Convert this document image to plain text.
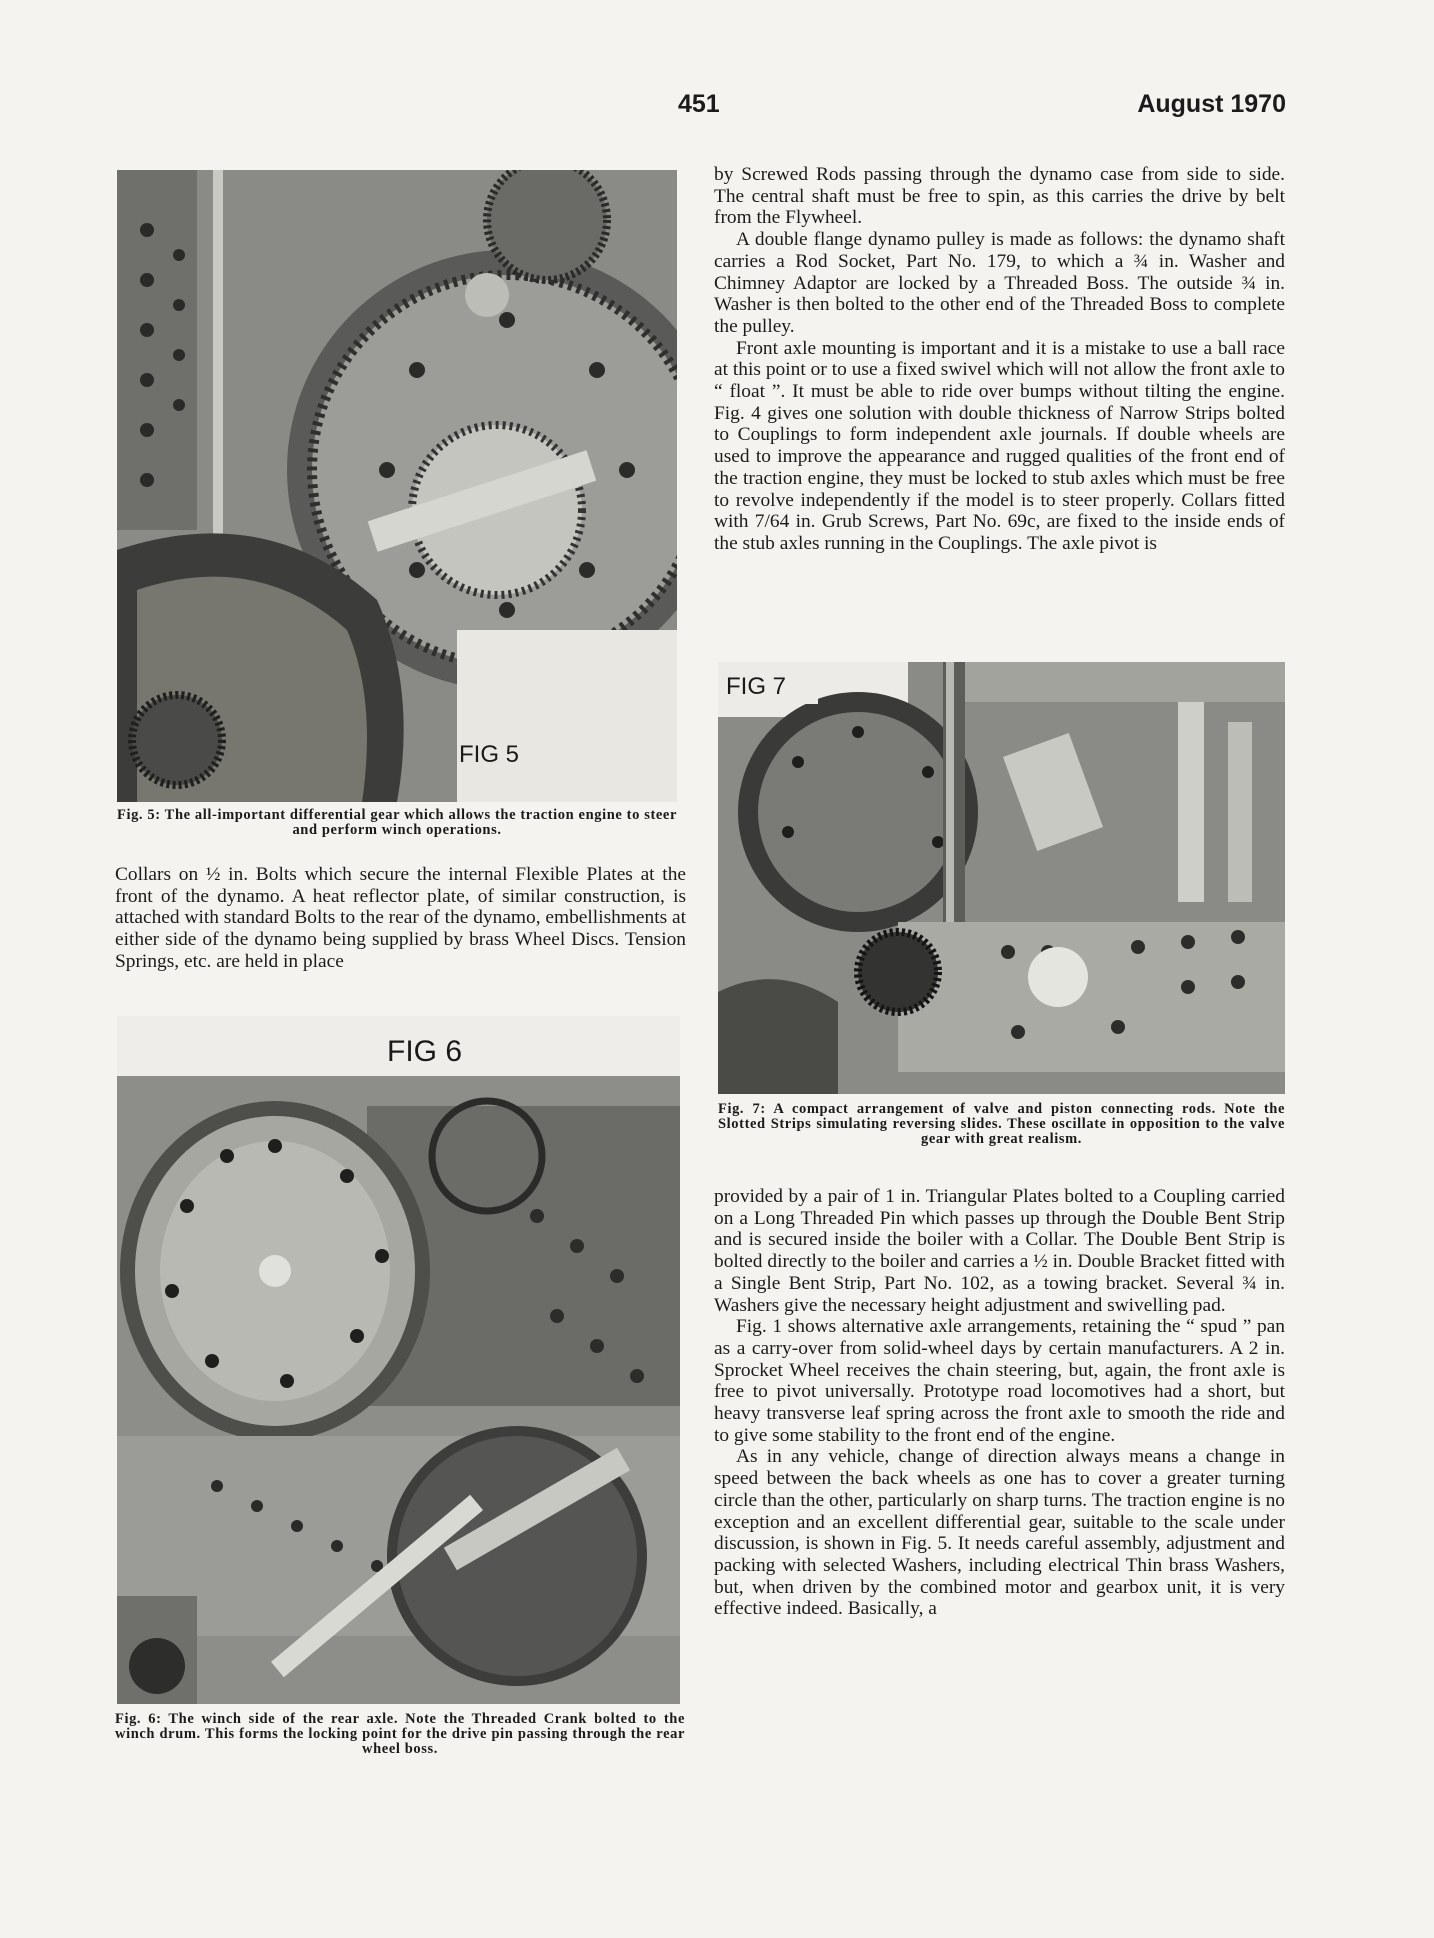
451	August 1970
FIG 5
Fig. 5: The all-important differential gear which allows the traction engine to steer and perform winch operations.

Collars on ½ in. Bolts which secure the internal Flexible Plates at the front of the dynamo. A heat reflector plate, of similar construction, is attached with standard Bolts to the rear of the dynamo, embellishments at either side of the dynamo being supplied by brass Wheel Discs. Tension Springs, etc. are held in place

FIG 6
Fig. 6: The winch side of the rear axle. Note the Threaded Crank bolted to the winch drum. This forms the locking point for the drive pin passing through the rear wheel boss.

by Screwed Rods passing through the dynamo case from side to side. The central shaft must be free to spin, as this carries the drive by belt from the Flywheel.

A double flange dynamo pulley is made as follows: the dynamo shaft carries a Rod Socket, Part No. 179, to which a ¾ in. Washer and Chimney Adaptor are locked by a Threaded Boss. The outside ¾ in. Washer is then bolted to the other end of the Threaded Boss to complete the pulley.

Front axle mounting is important and it is a mistake to use a ball race at this point or to use a fixed swivel which will not allow the front axle to “ float ”. It must be able to ride over bumps without tilting the engine. Fig. 4 gives one solution with double thickness of Narrow Strips bolted to Couplings to form independent axle journals. If double wheels are used to improve the appearance and rugged qualities of the front end of the traction engine, they must be locked to stub axles which must be free to revolve independently if the model is to steer properly. Collars fitted with 7/64 in. Grub Screws, Part No. 69c, are fixed to the inside ends of the stub axles running in the Couplings. The axle pivot is

FIG 7
Fig. 7: A compact arrangement of valve and piston connecting rods. Note the Slotted Strips simulating reversing slides. These oscillate in opposition to the valve gear with great realism.

provided by a pair of 1 in. Triangular Plates bolted to a Coupling carried on a Long Threaded Pin which passes up through the Double Bent Strip and is secured inside the boiler with a Collar. The Double Bent Strip is bolted directly to the boiler and carries a ½ in. Double Bracket fitted with a Single Bent Strip, Part No. 102, as a towing bracket. Several ¾ in. Washers give the necessary height adjustment and swivelling pad.

Fig. 1 shows alternative axle arrangements, retaining the “ spud ” pan as a carry-over from solid-wheel days by certain manufacturers. A 2 in. Sprocket Wheel receives the chain steering, but, again, the front axle is free to pivot universally. Prototype road locomotives had a short, but heavy transverse leaf spring across the front axle to smooth the ride and to give some stability to the front end of the engine.

As in any vehicle, change of direction always means a change in speed between the back wheels as one has to cover a greater turning circle than the other, particularly on sharp turns. The traction engine is no exception and an excellent differential gear, suitable to the scale under discussion, is shown in Fig. 5. It needs careful assembly, adjustment and packing with selected Washers, including electrical Thin brass Washers, but, when driven by the combined motor and gearbox unit, it is very effective indeed. Basically, a
